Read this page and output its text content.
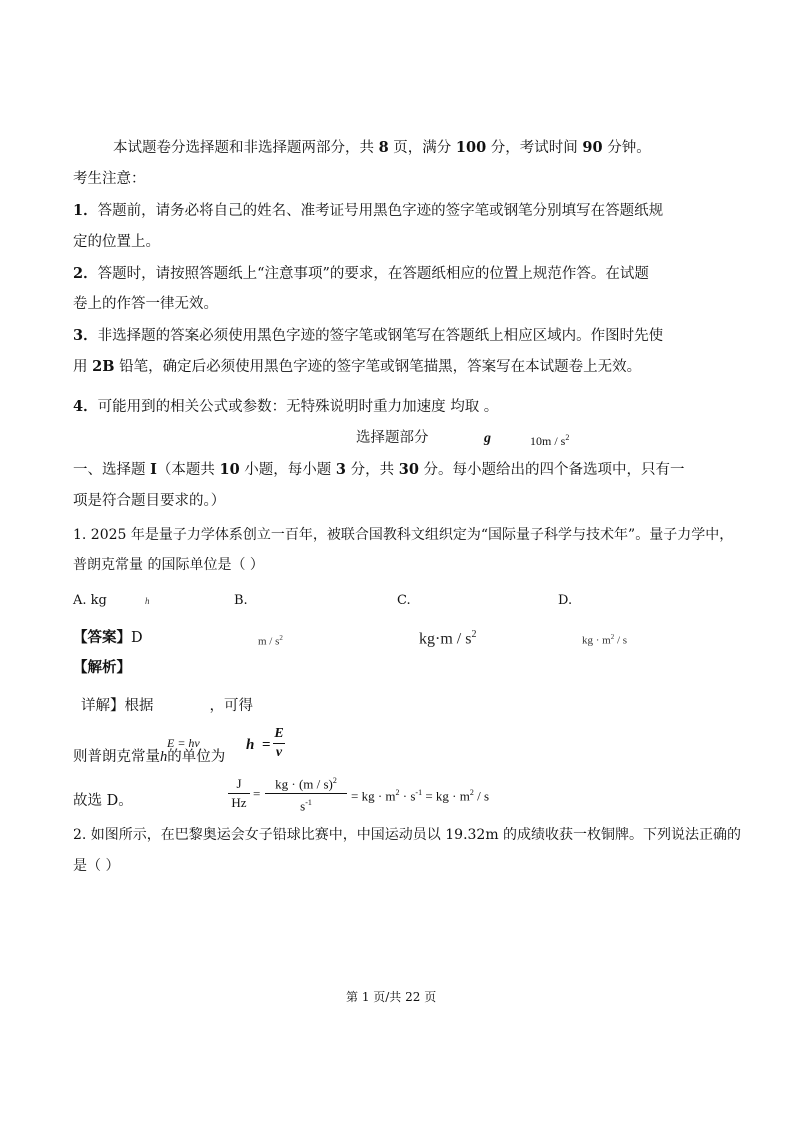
本试题卷分选择题和非选择题两部分，共 8 页，满分 100 分，考试时间 90 分钟。
考生注意：
1．答题前，请务必将自己的姓名、准考证号用黑色字迹的签字笔或钢笔分别填写在答题纸规
定的位置上。
2．答题时，请按照答题纸上“注意事项”的要求，在答题纸相应的位置上规范作答。在试题
卷上的作答一律无效。
3．非选择题的答案必须使用黑色字迹的签字笔或钢笔写在答题纸上相应区域内。作图时先使
用 2B 铅笔，确定后必须使用黑色字迹的签字笔或钢笔描黑，答案写在本试题卷上无效。
4．可能用到的相关公式或参数：无特殊说明时重力加速度 均取 。
选择题部分	g	$10m / s^2$
一、选择题 I（本题共 10 小题，每小题 3 分，共 30 分。每小题给出的四个备选项中，只有一
项是符合题目要求的。）
1. 2025 年是量子力学体系创立一百年，被联合国教科文组织定为“国际量子科学与技术年”。量子力学中，
普朗克常量 的国际单位是（ ）
A. kg	h	B.	C.	D.
【答案】D	m / $s^2$	$kg\cdot m / s^2$
kg · $m^2$ / s
【解析】
详解】根据	，可得
E = hν
则普朗克常量h的单位为
h =
E
ν
故选 D。
J
Hz
=
kg · (m / s)$^2$
$s^{-1}$	= kg · $m^2 \cdot s^{-1}$ = kg · $m^2$ / s
2. 如图所示，在巴黎奥运会女子铅球比赛中，中国运动员以 19.32m 的成绩收获一枚铜牌。下列说法正确的
是（ ）
第 1 页/共 22 页
